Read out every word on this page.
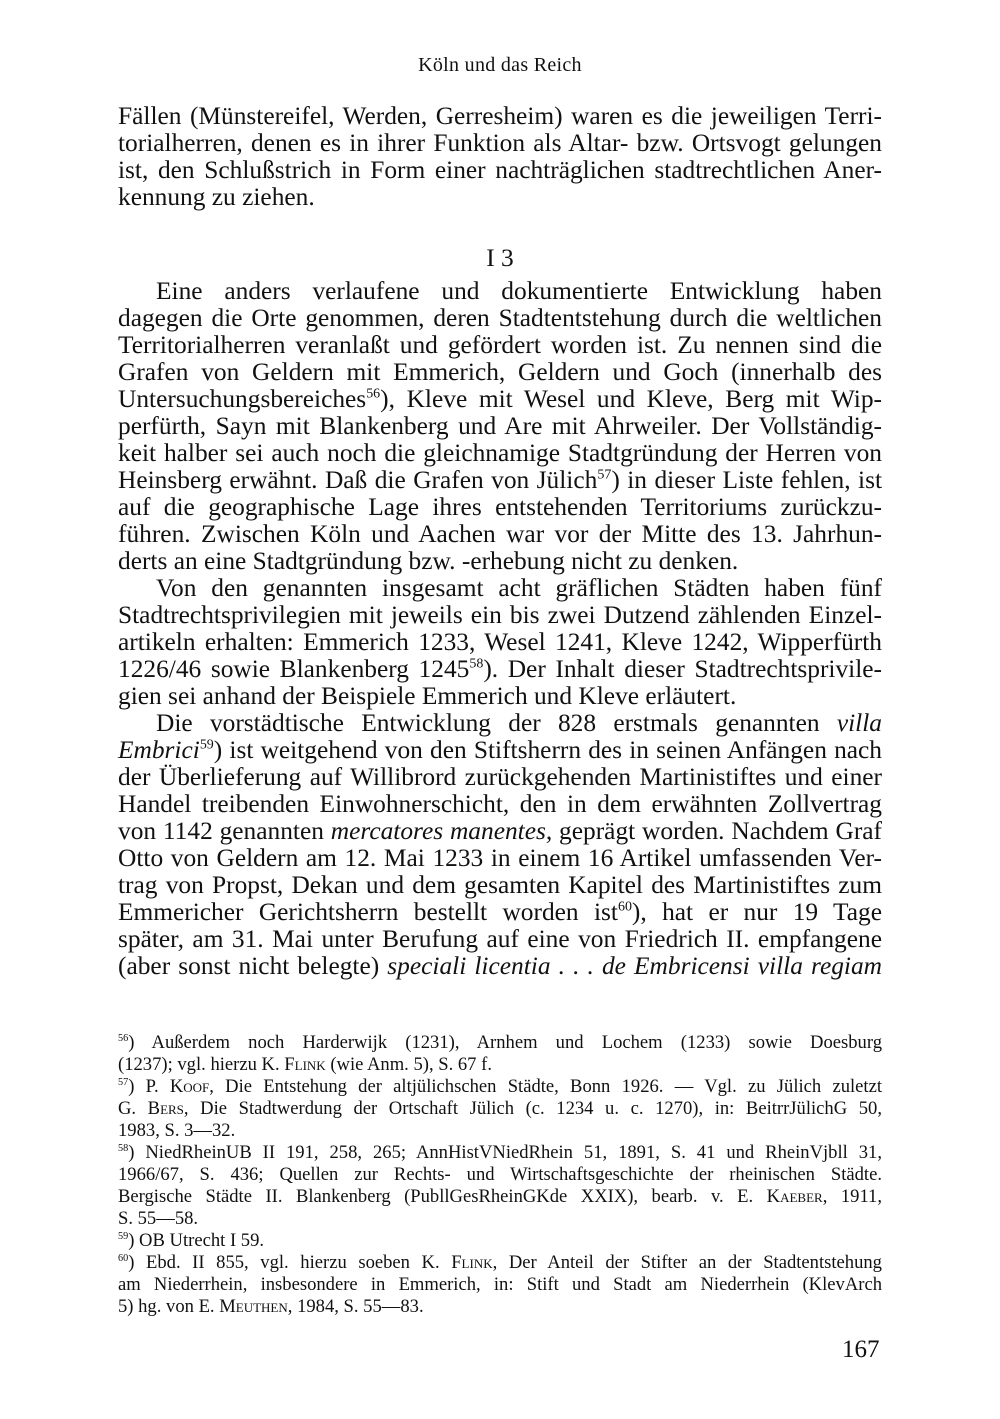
Köln und das Reich
Fällen (Münstereifel, Werden, Gerresheim) waren es die jeweiligen Terri-
torialherren, denen es in ihrer Funktion als Altar- bzw. Ortsvogt gelungen
ist, den Schlußstrich in Form einer nachträglichen stadtrechtlichen Aner-
kennung zu ziehen.
I 3
Eine anders verlaufene und dokumentierte Entwicklung haben
dagegen die Orte genommen, deren Stadtentstehung durch die weltlichen
Territorialherren veranlaßt und gefördert worden ist. Zu nennen sind die
Grafen von Geldern mit Emmerich, Geldern und Goch (innerhalb des
Untersuchungsbereiches$^{56}$), Kleve mit Wesel und Kleve, Berg mit Wip-
perfürth, Sayn mit Blankenberg und Are mit Ahrweiler. Der Vollständig-
keit halber sei auch noch die gleichnamige Stadtgründung der Herren von
Heinsberg erwähnt. Daß die Grafen von Jülich$^{57}$) in dieser Liste fehlen, ist
auf die geographische Lage ihres entstehenden Territoriums zurückzu-
führen. Zwischen Köln und Aachen war vor der Mitte des 13. Jahrhun-
derts an eine Stadtgründung bzw. -erhebung nicht zu denken.
Von den genannten insgesamt acht gräflichen Städten haben fünf
Stadtrechtsprivilegien mit jeweils ein bis zwei Dutzend zählenden Einzel-
artikeln erhalten: Emmerich 1233, Wesel 1241, Kleve 1242, Wipperfürth
1226/46 sowie Blankenberg 1245$^{58}$). Der Inhalt dieser Stadtrechtsprivile-
gien sei anhand der Beispiele Emmerich und Kleve erläutert.
Die vorstädtische Entwicklung der 828 erstmals genannten villa
Embrici$^{59}$) ist weitgehend von den Stiftsherrn des in seinen Anfängen nach
der Überlieferung auf Willibrord zurückgehenden Martinistiftes und einer
Handel treibenden Einwohnerschicht, den in dem erwähnten Zollvertrag
von 1142 genannten mercatores manentes, geprägt worden. Nachdem Graf
Otto von Geldern am 12. Mai 1233 in einem 16 Artikel umfassenden Ver-
trag von Propst, Dekan und dem gesamten Kapitel des Martinistiftes zum
Emmericher Gerichtsherrn bestellt worden ist$^{60}$), hat er nur 19 Tage
später, am 31. Mai unter Berufung auf eine von Friedrich II. empfangene
(aber sonst nicht belegte) speciali licentia . . . de Embricensi villa regiam
$^{56}$) Außerdem noch Harderwijk (1231), Arnhem und Lochem (1233) sowie Doesburg
(1237); vgl. hierzu K. Flink (wie Anm. 5), S. 67 f.
$^{57}$) P. Koof, Die Entstehung der altjülichschen Städte, Bonn 1926. — Vgl. zu Jülich zuletzt
G. Bers, Die Stadtwerdung der Ortschaft Jülich (c. 1234 u. c. 1270), in: BeitrrJülichG 50,
1983, S. 3—32.
$^{58}$) NiedRheinUB II 191, 258, 265; AnnHistVNiedRhein 51, 1891, S. 41 und RheinVjbll 31,
1966/67, S. 436; Quellen zur Rechts- und Wirtschaftsgeschichte der rheinischen Städte.
Bergische Städte II. Blankenberg (PubllGesRheinGKde XXIX), bearb. v. E. Kaeber, 1911,
S. 55—58.
$^{59}$) OB Utrecht I 59.
$^{60}$) Ebd. II 855, vgl. hierzu soeben K. Flink, Der Anteil der Stifter an der Stadtentstehung
am Niederrhein, insbesondere in Emmerich, in: Stift und Stadt am Niederrhein (KlevArch
5) hg. von E. Meuthen, 1984, S. 55—83.
167
